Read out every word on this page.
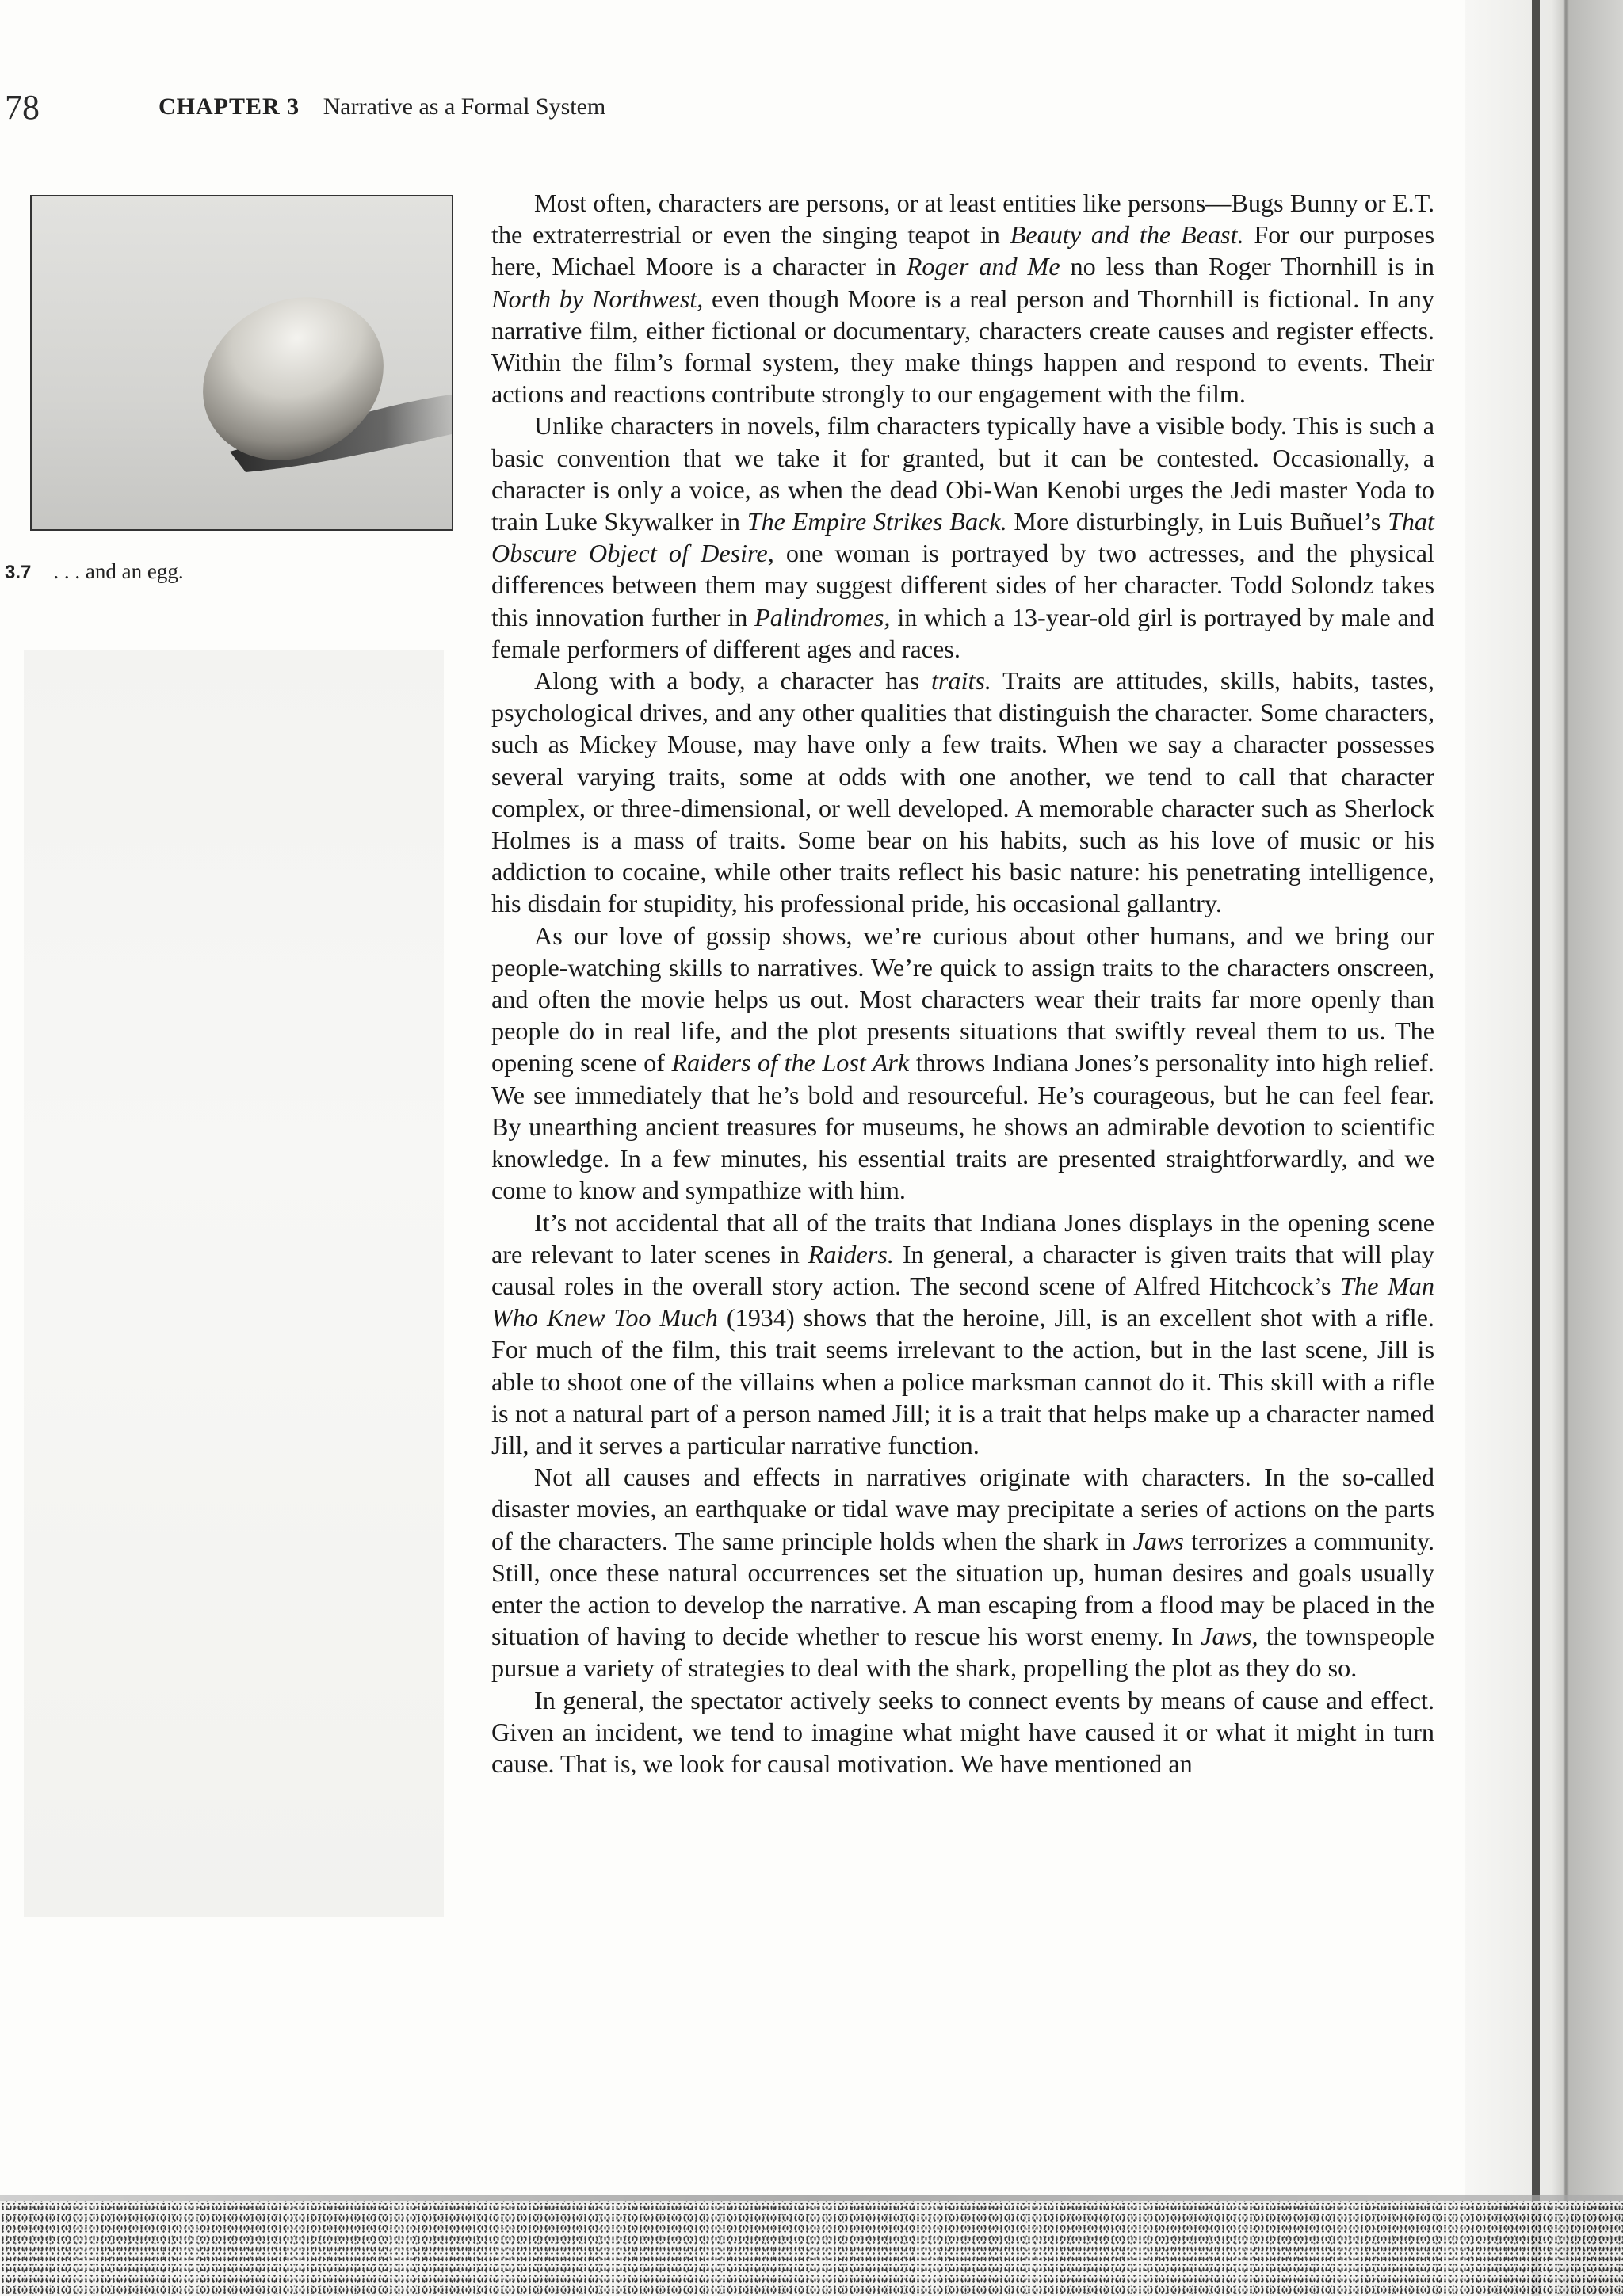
78	CHAPTER 3 Narrative as a Formal System
3.7 . . . and an egg.

Most often, characters are persons, or at least entities like persons—Bugs Bunny or E.T. the extraterrestrial or even the singing teapot in Beauty and the Beast. For our purposes here, Michael Moore is a character in Roger and Me no less than Roger Thornhill is in North by Northwest, even though Moore is a real person and Thornhill is fictional. In any narrative film, either fictional or documentary, characters create causes and register effects. Within the film’s formal system, they make things happen and respond to events. Their actions and reactions contribute strongly to our engagement with the film.

Unlike characters in novels, film characters typically have a visible body. This is such a basic convention that we take it for granted, but it can be contested. Occasionally, a character is only a voice, as when the dead Obi-Wan Kenobi urges the Jedi master Yoda to train Luke Skywalker in The Empire Strikes Back. More disturbingly, in Luis Buñuel’s That Obscure Object of Desire, one woman is portrayed by two actresses, and the physical differences between them may suggest different sides of her character. Todd Solondz takes this innovation further in Palindromes, in which a 13-year-old girl is portrayed by male and female performers of different ages and races.

Along with a body, a character has traits. Traits are attitudes, skills, habits, tastes, psychological drives, and any other qualities that distinguish the character. Some characters, such as Mickey Mouse, may have only a few traits. When we say a character possesses several varying traits, some at odds with one another, we tend to call that character complex, or three-dimensional, or well developed. A memorable character such as Sherlock Holmes is a mass of traits. Some bear on his habits, such as his love of music or his addiction to cocaine, while other traits reflect his basic nature: his penetrating intelligence, his disdain for stupidity, his professional pride, his occasional gallantry.

As our love of gossip shows, we’re curious about other humans, and we bring our people-watching skills to narratives. We’re quick to assign traits to the characters onscreen, and often the movie helps us out. Most characters wear their traits far more openly than people do in real life, and the plot presents situations that swiftly reveal them to us. The opening scene of Raiders of the Lost Ark throws Indiana Jones’s personality into high relief. We see immediately that he’s bold and resourceful. He’s courageous, but he can feel fear. By unearthing ancient treasures for museums, he shows an admirable devotion to scientific knowledge. In a few minutes, his essential traits are presented straightforwardly, and we come to know and sympathize with him.

It’s not accidental that all of the traits that Indiana Jones displays in the opening scene are relevant to later scenes in Raiders. In general, a character is given traits that will play causal roles in the overall story action. The second scene of Alfred Hitchcock’s The Man Who Knew Too Much (1934) shows that the heroine, Jill, is an excellent shot with a rifle. For much of the film, this trait seems irrelevant to the action, but in the last scene, Jill is able to shoot one of the villains when a police marksman cannot do it. This skill with a rifle is not a natural part of a person named Jill; it is a trait that helps make up a character named Jill, and it serves a particular narrative function.

Not all causes and effects in narratives originate with characters. In the so-called disaster movies, an earthquake or tidal wave may precipitate a series of actions on the parts of the characters. The same principle holds when the shark in Jaws terrorizes a community. Still, once these natural occurrences set the situation up, human desires and goals usually enter the action to develop the narrative. A man escaping from a flood may be placed in the situation of having to decide whether to rescue his worst enemy. In Jaws, the townspeople pursue a variety of strategies to deal with the shark, propelling the plot as they do so.

In general, the spectator actively seeks to connect events by means of cause and effect. Given an incident, we tend to imagine what might have caused it or what it might in turn cause. That is, we look for causal motivation. We have mentioned an
